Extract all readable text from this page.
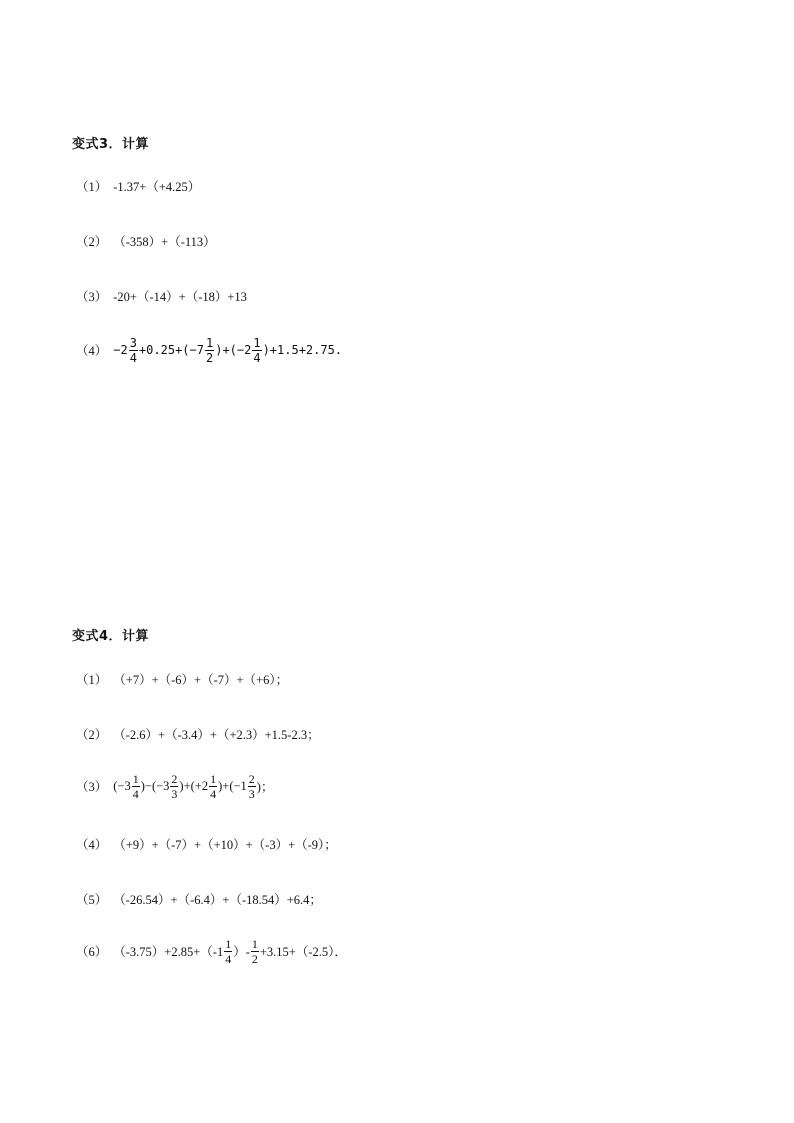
变式3．计算
（1） -1.37+（+4.25）
（2） （-358）+（-113）
（3） -20+（-14）+（-18）+13
$(4) -2 \frac{3}{4} +0.25+(-7 \frac{1}{2} )+(-2 \frac{1}{4} )+1.5+2.75$.
变式4．计算
（1） （+7）+（-6）+（-7）+（+6）；
（2） （-2.6）+（-3.4）+（+2.3）+1.5-2.3；
（3） $(-3 \frac{1}{4} )-(-3 \frac{2}{3} )+(+2 \frac{1}{4} )+(-1 \frac{2}{3}$ )；
（4） （+9）+（-7）+（+10）+（-3）+（-9）；
（5） （-26.54）+（-6.4）+（-18.54）+6.4；
（6） $(-3.75)+2.85+(-1 \frac{1}{4}$ ）- $\frac{1}{2} +3.15+(-2.5)$．
